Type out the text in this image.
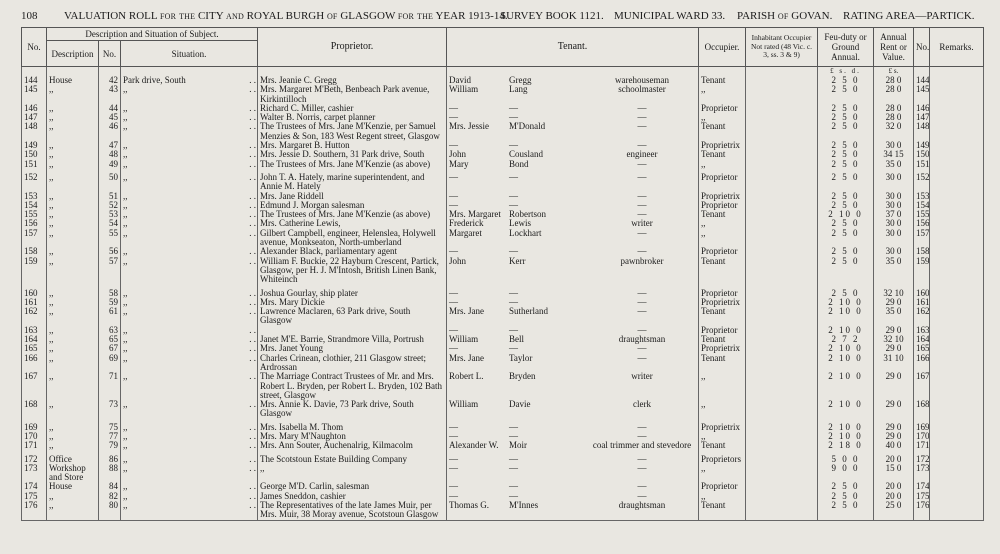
108 VALUATION ROLL for the CITY and ROYAL BURGH of GLASGOW for the YEAR 1913-14.
SURVEY BOOK 1121. MUNICIPAL WARD 33. PARISH of GOVAN. RATING AREA—PARTICK.
No.	Description and Situation of Subject.			Proprietor.	Tenant.	Occupier.	Inhabitant Occupier Not rated (48 Vic. c. 3, ss. 3 & 9)	Feu-duty or Ground Annual.	Annual Rent or Value.	No.	Remarks.
	Description	No.	Situation.								
								£ s. d.	£ s.		
144	House	42	Park drive, South . .	Mrs. Jeanie C. Gregg	David Gregg warehouseman	Tenant		2 5 0	28 0	144	
145	,,	43	,, . .	Mrs. Margaret M'Beth, Benbeach Park avenue, Kirkintilloch	William Lang schoolmaster	,,		2 5 0	28 0	145	
146	,,	44	,, . .	Richard C. Miller, cashier	— — —	Proprietor		2 5 0	28 0	146	
147	,,	45	,, . .	Walter B. Norris, carpet planner	— — —	,,		2 5 0	28 0	147	
148	,,	46	,, . .	The Trustees of Mrs. Jane M'Kenzie, per Samuel Menzies & Son, 183 West Regent street, Glasgow	Mrs. Jessie M'Donald —	Tenant		2 5 0	32 0	148	
149	,,	47	,, . .	Mrs. Margaret B. Hutton	— — —	Proprietrix		2 5 0	30 0	149	
150	,,	48	,, . .	Mrs. Jessie D. Southern, 31 Park drive, South	John Cousland engineer	Tenant		2 5 0	34 15	150	
151	,,	49	,, . .	The Trustees of Mrs. Jane M'Kenzie (as above)	Mary Bond —	,,		2 5 0	35 0	151	

152	,,	50	,, . .	John T. A. Hately, marine superintendent, and Annie M. Hately	— — —	Proprietor		2 5 0	30 0	152	
153	,,	51	,, . .	Mrs. Jane Riddell	— — —	Proprietrix		2 5 0	30 0	153	
154	,,	52	,, . .	Edmund J. Morgan salesman	— — —	Proprietor		2 5 0	30 0	154	
155	,,	53	,, . .	The Trustees of Mrs. Jane M'Kenzie (as above)	Mrs. Margaret Robertson —	Tenant		2 10 0	37 0	155	
156	,,	54	,, . .	Mrs. Catherine Lewis,	Frederick Lewis writer	,,		2 5 0	30 0	156	
157	,,	55	,, . .	Gilbert Campbell, engineer, Helenslea, Holywell avenue, Monkseaton, North-umberland	Margaret Lockhart —	,,		2 5 0	30 0	157	
158	,,	56	,, . .	Alexander Black, parliamentary agent	— — —	Proprietor		2 5 0	30 0	158	
159	,,	57	,, . .	William F. Buckie, 22 Hayburn Crescent, Partick, Glasgow, per H. J. M'Intosh, British Linen Bank, Whiteinch	John Kerr pawnbroker	Tenant		2 5 0	35 0	159	

160	,,	58	,, . .	Joshua Gourlay, ship plater	— — —	Proprietor		2 5 0	32 10	160	
161	,,	59	,, . .	Mrs. Mary Dickie	— — —	Proprietrix		2 10 0	29 0	161	
162	,,	61	,, . .	Lawrence Maclaren, 63 Park drive, South Glasgow	Mrs. Jane Sutherland —	Tenant		2 10 0	35 0	162	
163	,,	63	,, . .		— — —	Proprietor		2 10 0	29 0	163	
164	,,	65	,, . .	Janet M'E. Barrie, Strandmore Villa, Portrush	William Bell draughtsman	Tenant		2 7 2	32 10	164	
165	,,	67	,, . .	Mrs. Janet Young	— — —	Proprietrix		2 10 0	29 0	165	
166	,,	69	,, . .	Charles Crinean, clothier, 211 Glasgow street; Ardrossan	Mrs. Jane Taylor —	Tenant		2 10 0	31 10	166	
167	,,	71	,, . .	The Marriage Contract Trustees of Mr. and Mrs. Robert L. Bryden, per Robert L. Bryden, 102 Bath street, Glasgow	Robert L. Bryden writer	,,		2 10 0	29 0	167	
168	,,	73	,, . .	Mrs. Annie K. Davie, 73 Park drive, South Glasgow	William Davie clerk	,,		2 10 0	29 0	168	

169	,,	75	,, . .	Mrs. Isabella M. Thom	— — —	Proprietrix		2 10 0	29 0	169	
170	,,	77	,, . .	Mrs. Mary M'Naughton	— — —	,,		2 10 0	29 0	170	
171	,,	79	,, . .	Mrs. Ann Souter, Auchenalrig, Kilmacolm	Alexander W. Moir coal trimmer and stevedore	Tenant		2 18 0	40 0	171	

172	Office	86	,, . .	The Scotstoun Estate Building Company	— — —	Proprietors		5 0 0	20 0	172	
173	Workshop and Store	88	,, . .	,,	— — —	,,		9 0 0	15 0	173	
174	House	84	,, . .	George M'D. Carlin, salesman	— — —	Proprietor		2 5 0	20 0	174	
175	,,	82	,, . .	James Sneddon, cashier	— — —	,,		2 5 0	20 0	175	
176	,,	80	,, . .	The Representatives of the late James Muir, per Mrs. Muir, 38 Moray avenue, Scotstoun Glasgow	Thomas G. M'Innes draughtsman	Tenant		2 5 0	25 0	176	
